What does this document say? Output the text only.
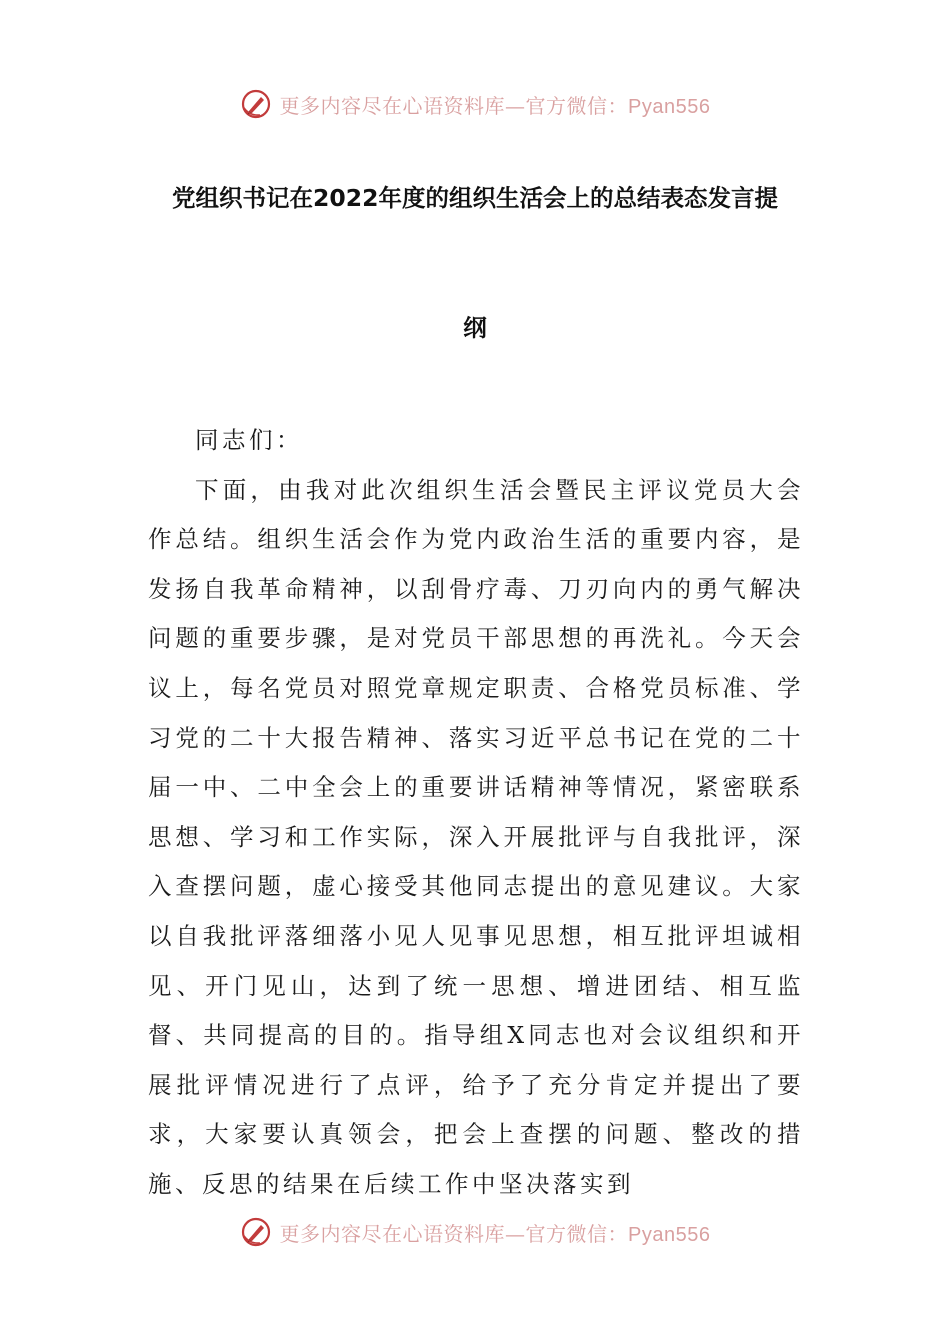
更多内容尽在心语资料库—官方微信：Pyan556
党组织书记在2022年度的组织生活会上的总结表态发言提
纲

同志们：

下面，由我对此次组织生活会暨民主评议党员大会作总结。组织生活会作为党内政治生活的重要内容，是发扬自我革命精神，以刮骨疗毒、刀刃向内的勇气解决问题的重要步骤，是对党员干部思想的再洗礼。今天会议上，每名党员对照党章规定职责、合格党员标准、学习党的二十大报告精神、落实习近平总书记在党的二十届一中、二中全会上的重要讲话精神等情况，紧密联系思想、学习和工作实际，深入开展批评与自我批评，深入查摆问题，虚心接受其他同志提出的意见建议。大家以自我批评落细落小见人见事见思想，相互批评坦诚相见、开门见山，达到了统一思想、增进团结、相互监督、共同提高的目的。指导组X同志也对会议组织和开展批评情况进行了点评，给予了充分肯定并提出了要求，大家要认真领会，把会上查摆的问题、整改的措施、反思的结果在后续工作中坚决落实到

更多内容尽在心语资料库—官方微信：Pyan556
